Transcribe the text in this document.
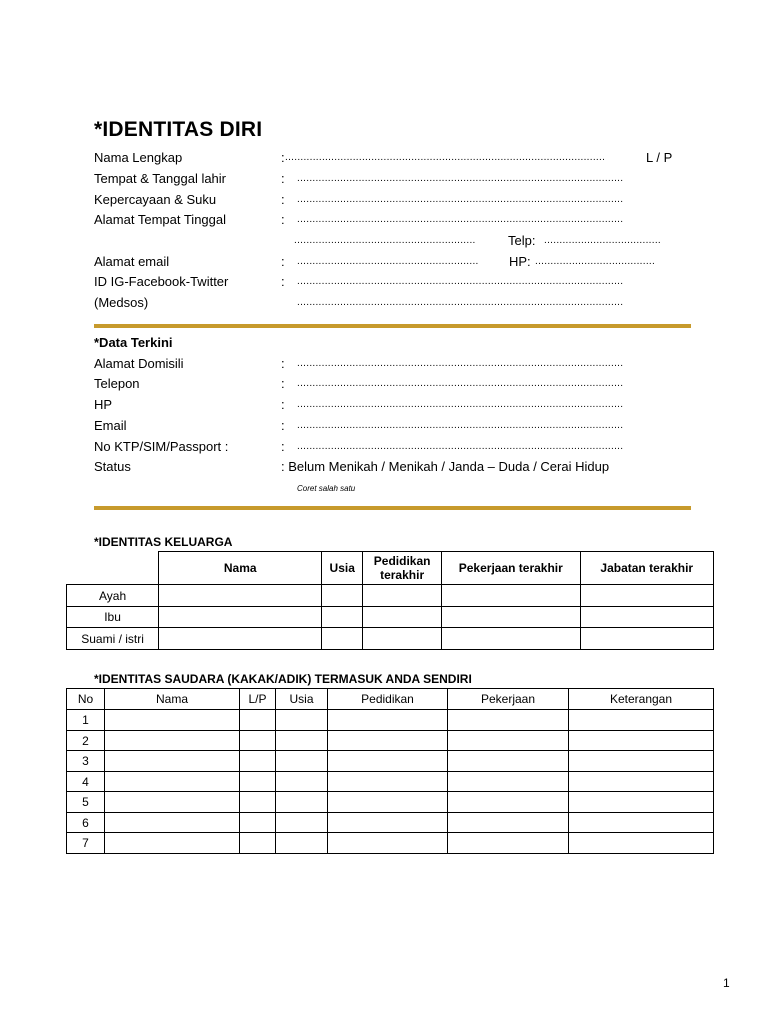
*IDENTITAS DIRI
Nama Lengkap	: ........................................................................................................	L / P
Tempat & Tanggal lahir	: ..........................................................................................................
Kepercayaan & Suku	: ..........................................................................................................
Alamat Tempat Tinggal	: ..........................................................................................................
........................................................... Telp: ......................................
Alamat email	: ........................................................... HP: .......................................
ID IG-Facebook-Twitter	: ..........................................................................................................
(Medsos)	..........................................................................................................
*Data Terkini
Alamat Domisili	: ..........................................................................................................
Telepon	: ..........................................................................................................
HP	: ..........................................................................................................
Email	: ..........................................................................................................
No KTP/SIM/Passport :	: ..........................................................................................................
Status	: Belum Menikah / Menikah / Janda – Duda / Cerai Hidup
Coret salah satu
*IDENTITAS KELUARGA
	Nama	Usia	Pedidikan terakhir	Pekerjaan terakhir	Jabatan terakhir
Ayah					
Ibu					
Suami / istri					
*IDENTITAS SAUDARA (KAKAK/ADIK) TERMASUK ANDA SENDIRI
No	Nama	L/P	Usia	Pedidikan	Pekerjaan	Keterangan
1						
2						
3						
4						
5						
6						
7						
1
